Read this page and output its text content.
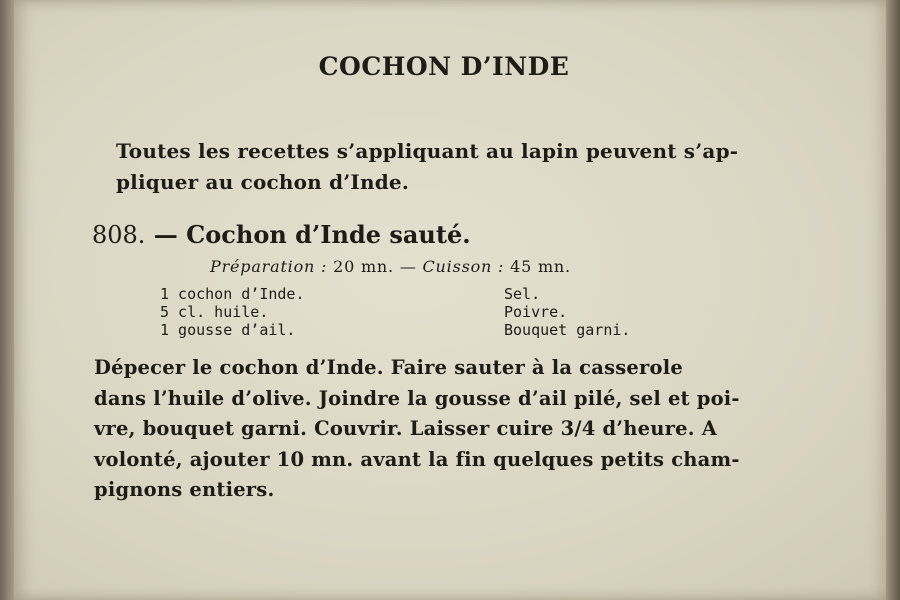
COCHON D’INDE
Toutes les recettes s’appliquant au lapin peuvent s’ap-
pliquer au cochon d’Inde.
808. — Cochon d’Inde sauté.
Préparation : 20 mn. — Cuisson : 45 mn.
1 cochon d’Inde.
5 cl. huile.
1 gousse d’ail.
Sel.
Poivre.
Bouquet garni.
Dépecer le cochon d’Inde. Faire sauter à la casserole
dans l’huile d’olive. Joindre la gousse d’ail pilé, sel et poi-
vre, bouquet garni. Couvrir. Laisser cuire 3/4 d’heure. A
volonté, ajouter 10 mn. avant la fin quelques petits cham-
pignons entiers.
